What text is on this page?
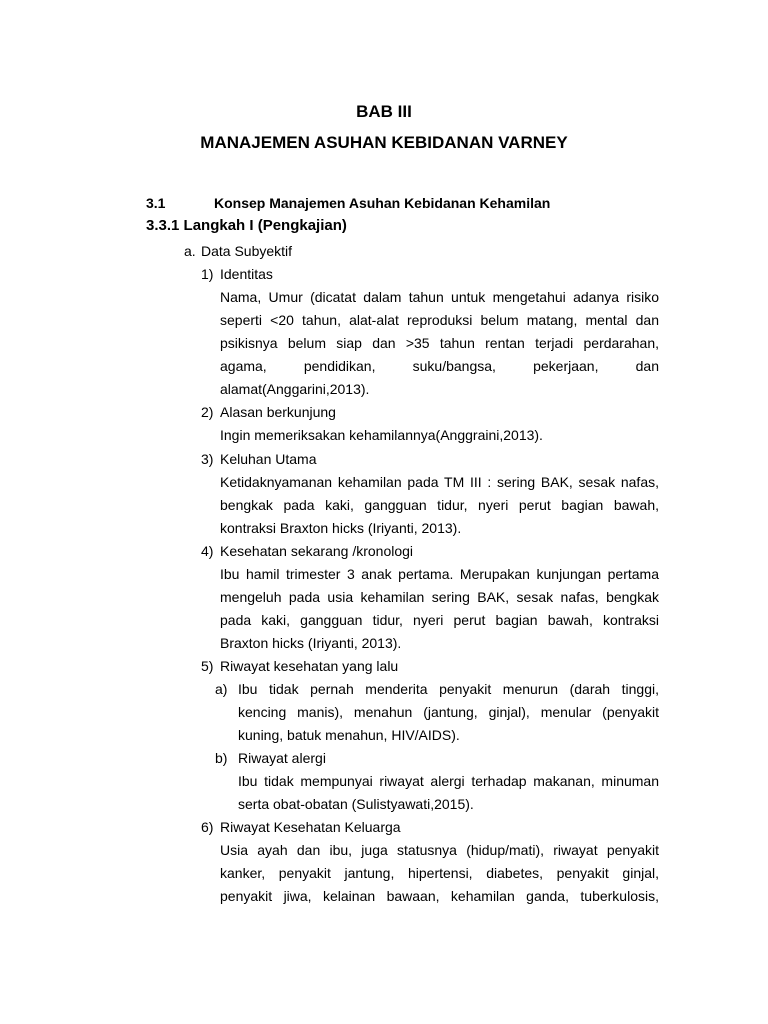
BAB III
MANAJEMEN ASUHAN KEBIDANAN VARNEY
3.1	Konsep Manajemen Asuhan Kebidanan Kehamilan
3.3.1 Langkah I (Pengkajian)
a. Data Subyektif
1) Identitas
Nama, Umur (dicatat dalam tahun untuk mengetahui adanya risiko
seperti <20 tahun, alat-alat reproduksi belum matang, mental dan
psikisnya belum siap dan >35 tahun rentan terjadi perdarahan,
agama, pendidikan, suku/bangsa, pekerjaan, dan
alamat(Anggarini,2013).
2) Alasan berkunjung
Ingin memeriksakan kehamilannya(Anggraini,2013).
3) Keluhan Utama
Ketidaknyamanan kehamilan pada TM III : sering BAK, sesak nafas,
bengkak pada kaki, gangguan tidur, nyeri perut bagian bawah,
kontraksi Braxton hicks (Iriyanti, 2013).
4) Kesehatan sekarang /kronologi
Ibu hamil trimester 3 anak pertama. Merupakan kunjungan pertama
mengeluh pada usia kehamilan sering BAK, sesak nafas, bengkak
pada kaki, gangguan tidur, nyeri perut bagian bawah, kontraksi
Braxton hicks (Iriyanti, 2013).
5) Riwayat kesehatan yang lalu
a) Ibu tidak pernah menderita penyakit menurun (darah tinggi,
kencing manis), menahun (jantung, ginjal), menular (penyakit
kuning, batuk menahun, HIV/AIDS).
b) Riwayat alergi
Ibu tidak mempunyai riwayat alergi terhadap makanan, minuman
serta obat-obatan (Sulistyawati,2015).
6) Riwayat Kesehatan Keluarga
Usia ayah dan ibu, juga statusnya (hidup/mati), riwayat penyakit
kanker, penyakit jantung, hipertensi, diabetes, penyakit ginjal,
penyakit jiwa, kelainan bawaan, kehamilan ganda, tuberkulosis,
